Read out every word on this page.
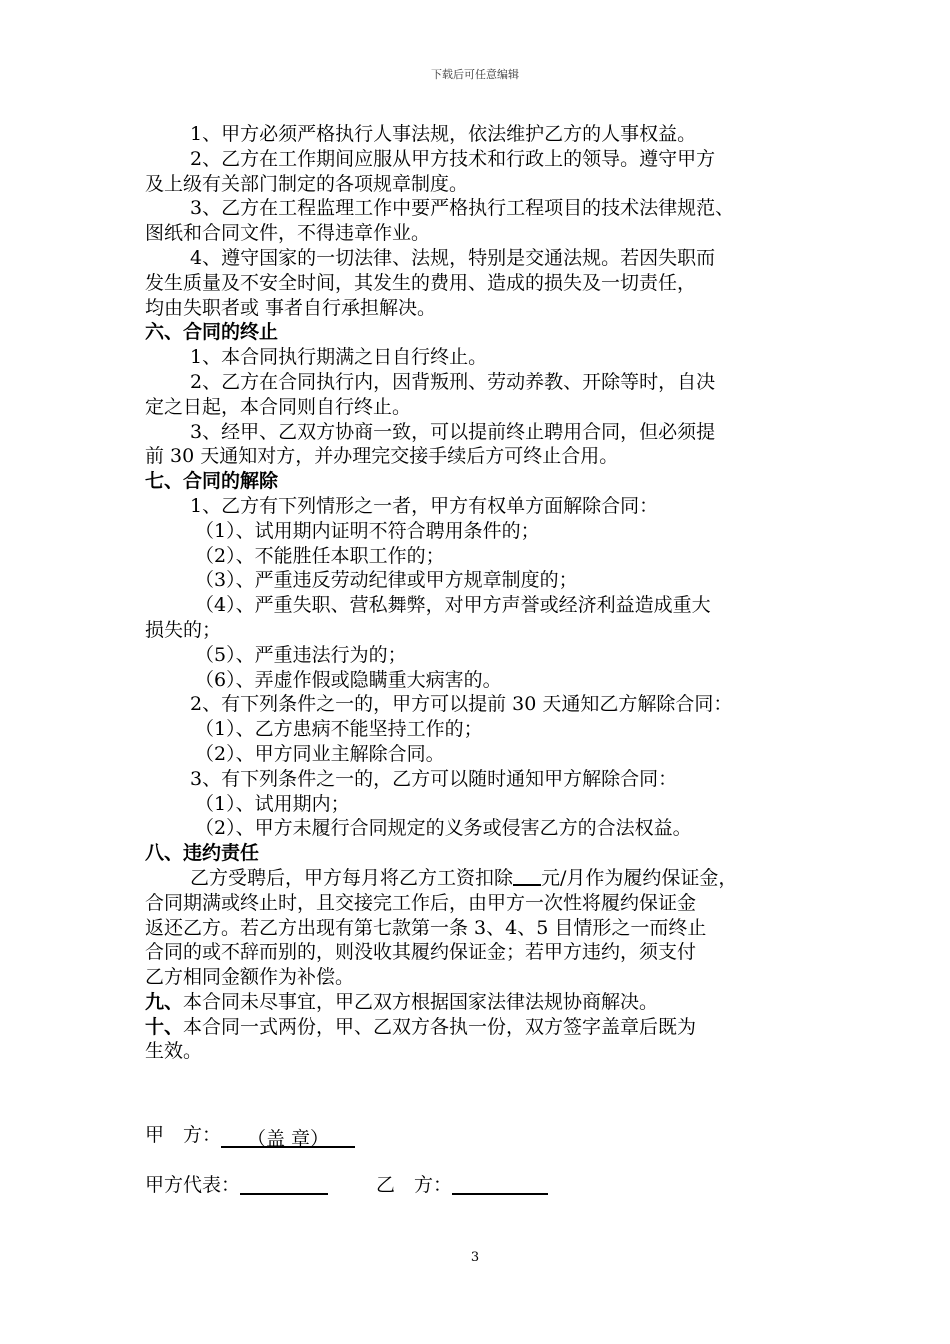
下载后可任意编辑

1、甲方必须严格执行人事法规，依法维护乙方的人事权益。

2、乙方在工作期间应服从甲方技术和行政上的领导。遵守甲方

及上级有关部门制定的各项规章制度。

3、乙方在工程监理工作中要严格执行工程项目的技术法律规范、

图纸和合同文件，不得违章作业。

4、遵守国家的一切法律、法规，特别是交通法规。若因失职而

发生质量及不安全时间，其发生的费用、造成的损失及一切责任，

均由失职者或 事者自行承担解决。

六、合同的终止

1、本合同执行期满之日自行终止。

2、乙方在合同执行内，因背叛刑、劳动养教、开除等时，自决

定之日起，本合同则自行终止。

3、经甲、乙双方协商一致，可以提前终止聘用合同，但必须提

前 30 天通知对方，并办理完交接手续后方可终止合用。

七、合同的解除

1、乙方有下列情形之一者，甲方有权单方面解除合同：

（1）、试用期内证明不符合聘用条件的；

（2）、不能胜任本职工作的；

（3）、严重违反劳动纪律或甲方规章制度的；

（4）、严重失职、营私舞弊，对甲方声誉或经济利益造成重大

损失的；

（5）、严重违法行为的；

（6）、弄虚作假或隐瞒重大病害的。

2、有下列条件之一的，甲方可以提前 30 天通知乙方解除合同：

（1）、乙方患病不能坚持工作的；

（2）、甲方同业主解除合同。

3、有下列条件之一的，乙方可以随时通知甲方解除合同：

（1）、试用期内；

（2）、甲方未履行合同规定的义务或侵害乙方的合法权益。

八、违约责任

乙方受聘后，甲方每月将乙方工资扣除 元/月作为履约保证金，

合同期满或终止时，且交接完工作后，由甲方一次性将履约保证金

返还乙方。若乙方出现有第七款第一条 3、4、5 目情形之一而终止

合同的或不辞而别的，则没收其履约保证金；若甲方违约，须支付

乙方相同金额作为补偿。

九、本合同未尽事宜，甲乙双方根据国家法律法规协商解决。

十、本合同一式两份，甲、乙双方各执一份，双方签字盖章后既为

生效。

甲　方： （盖 章）
甲方代表：	乙　方：
3
